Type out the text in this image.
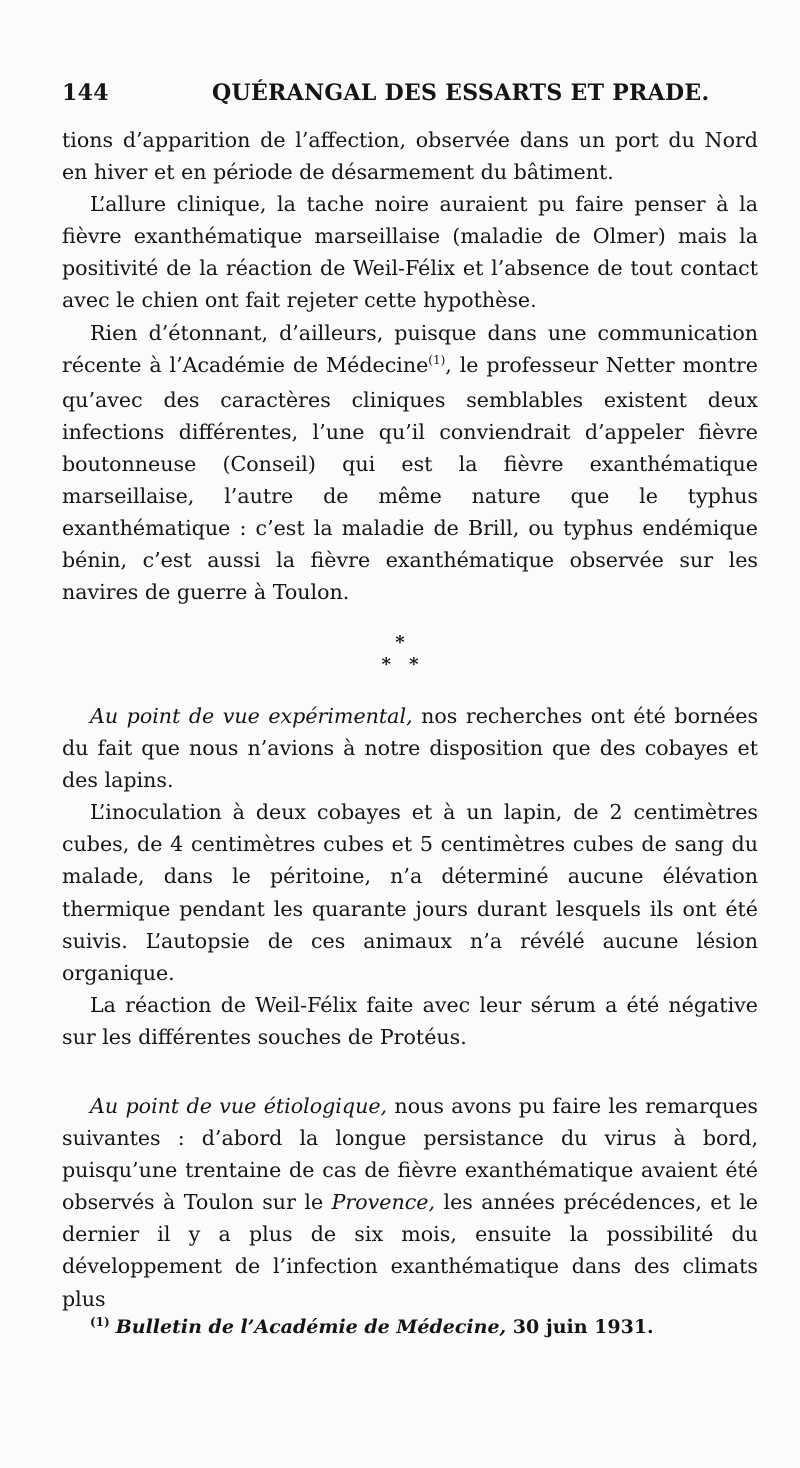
144	QUÉRANGAL DES ESSARTS ET PRADE.

tions d’apparition de l’affection, observée dans un port du Nord en hiver et en période de désarmement du bâtiment.

L’allure clinique, la tache noire auraient pu faire penser à la fièvre exanthématique marseillaise (maladie de Olmer) mais la positivité de la réaction de Weil-Félix et l’absence de tout contact avec le chien ont fait rejeter cette hypothèse.

Rien d’étonnant, d’ailleurs, puisque dans une communication récente à l’Académie de Médecine$^{(1)}$, le professeur Netter montre qu’avec des caractères cliniques semblables existent deux infections différentes, l’une qu’il conviendrait d’appeler fièvre boutonneuse (Conseil) qui est la fièvre exanthématique marseillaise, l’autre de même nature que le typhus exanthématique : c’est la maladie de Brill, ou typhus endémique bénin, c’est aussi la fièvre exanthématique observée sur les navires de guerre à Toulon.

*
* *

Au point de vue expérimental, nos recherches ont été bornées du fait que nous n’avions à notre disposition que des cobayes et des lapins.

L’inoculation à deux cobayes et à un lapin, de 2 centimètres cubes, de 4 centimètres cubes et 5 centimètres cubes de sang du malade, dans le péritoine, n’a déterminé aucune élévation thermique pendant les quarante jours durant lesquels ils ont été suivis. L’autopsie de ces animaux n’a révélé aucune lésion organique.

La réaction de Weil-Félix faite avec leur sérum a été négative sur les différentes souches de Protéus.

Au point de vue étiologique, nous avons pu faire les remarques suivantes : d’abord la longue persistance du virus à bord, puisqu’une trentaine de cas de fièvre exanthématique avaient été observés à Toulon sur le Provence, les années précédences, et le dernier il y a plus de six mois, ensuite la possibilité du développement de l’infection exanthématique dans des climats plus

$^{(1)}$ Bulletin de l’Académie de Médecine, 30 juin 1931.
